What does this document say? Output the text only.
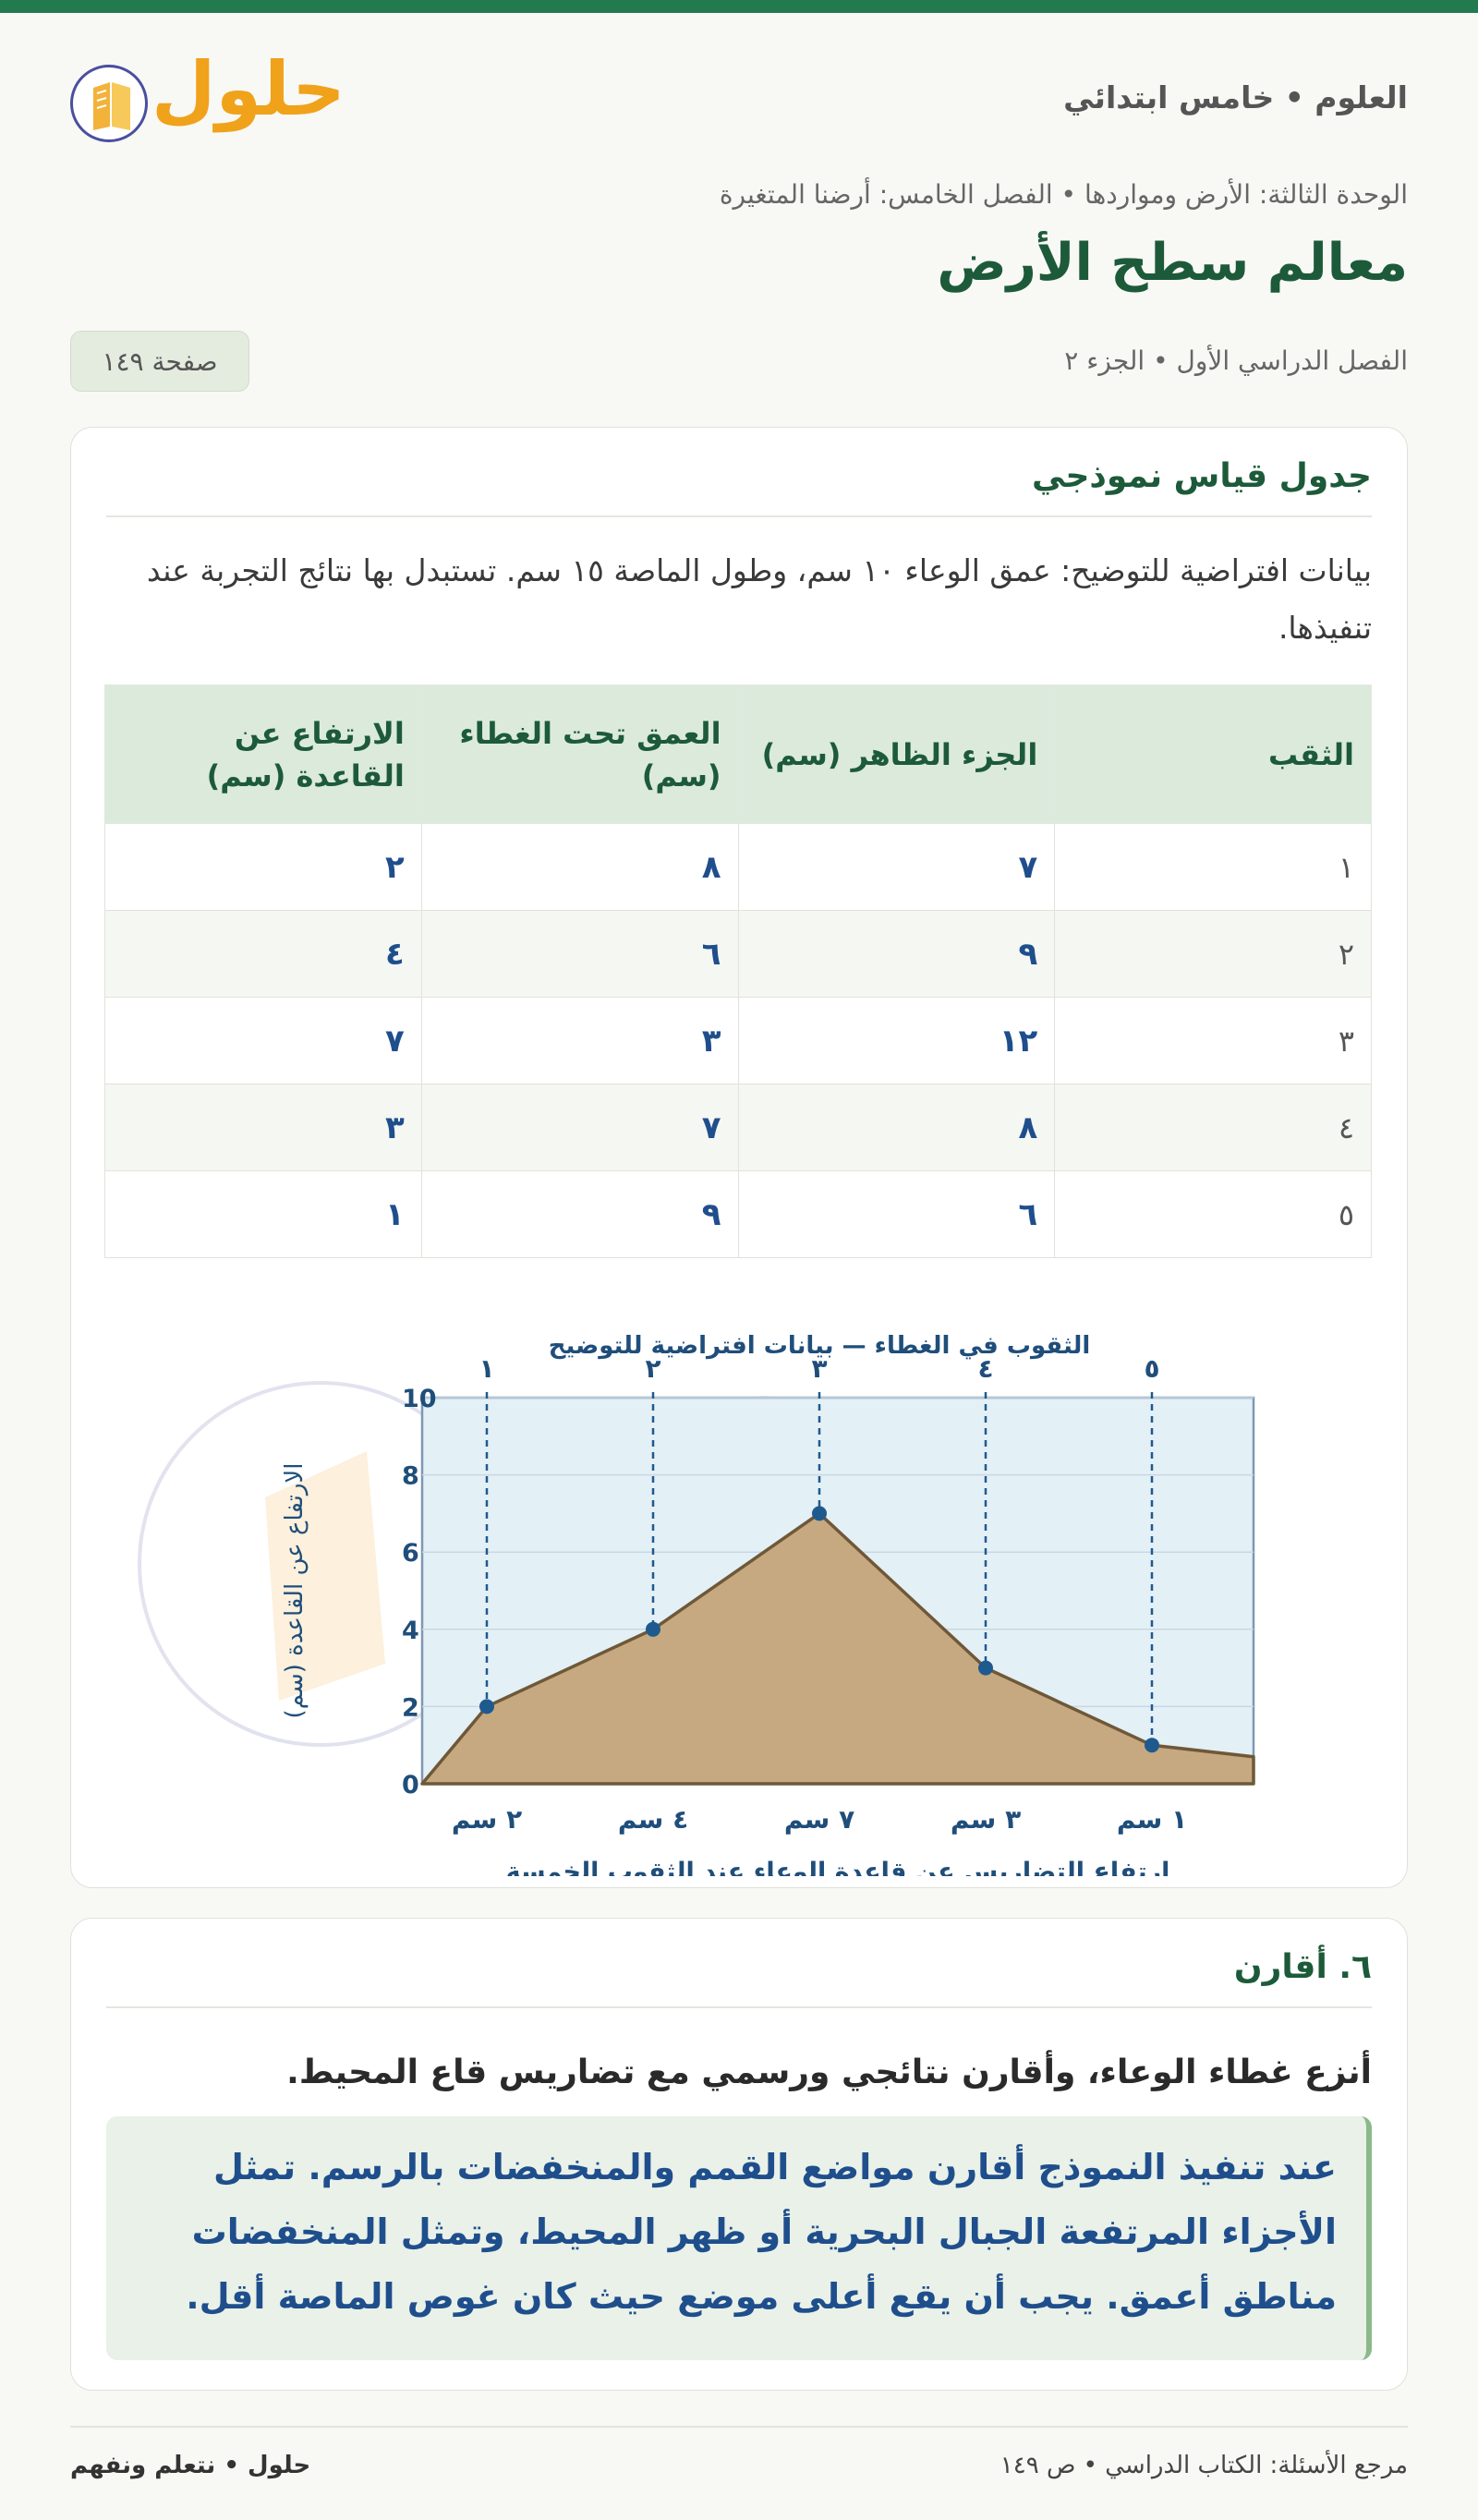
العلوم • خامس ابتدائي
حلول
الوحدة الثالثة: الأرض ومواردها • الفصل الخامس: أرضنا المتغيرة
معالم سطح الأرض
الفصل الدراسي الأول • الجزء ٢
صفحة ١٤٩
جدول قياس نموذجي
بيانات افتراضية للتوضيح: عمق الوعاء ١٠ سم، وطول الماصة ١٥ سم. تستبدل بها نتائج التجربة عند تنفيذها.
الثقب	الجزء الظاهر (سم)	العمق تحت الغطاء (سم)	الارتفاع عن القاعدة (سم)
١	٧	٨	٢
٢	٩	٦	٤
٣	١٢	٣	٧
٤	٨	٧	٣
٥	٦	٩	١
0
2
4
6
8
10
٢ سم	٤ سم	٧ سم	٣ سم	١ سم
١	٢	٣	٤	٥
الثقوب في الغطاء — بيانات افتراضية للتوضيح
ارتفاع التضاريس عن قاعدة الوعاء عند الثقوب الخمسة
الارتفاع عن القاعدة (سم)
٦. أقارن
أنزع غطاء الوعاء، وأقارن نتائجي ورسمي مع تضاريس قاع المحيط.
عند تنفيذ النموذج أقارن مواضع القمم والمنخفضات بالرسم. تمثل الأجزاء المرتفعة الجبال البحرية أو ظهر المحيط، وتمثل المنخفضات مناطق أعمق. يجب أن يقع أعلى موضع حيث كان غوص الماصة أقل.
حلول • نتعلم ونفهم	مرجع الأسئلة: الكتاب الدراسي • ص ١٤٩
